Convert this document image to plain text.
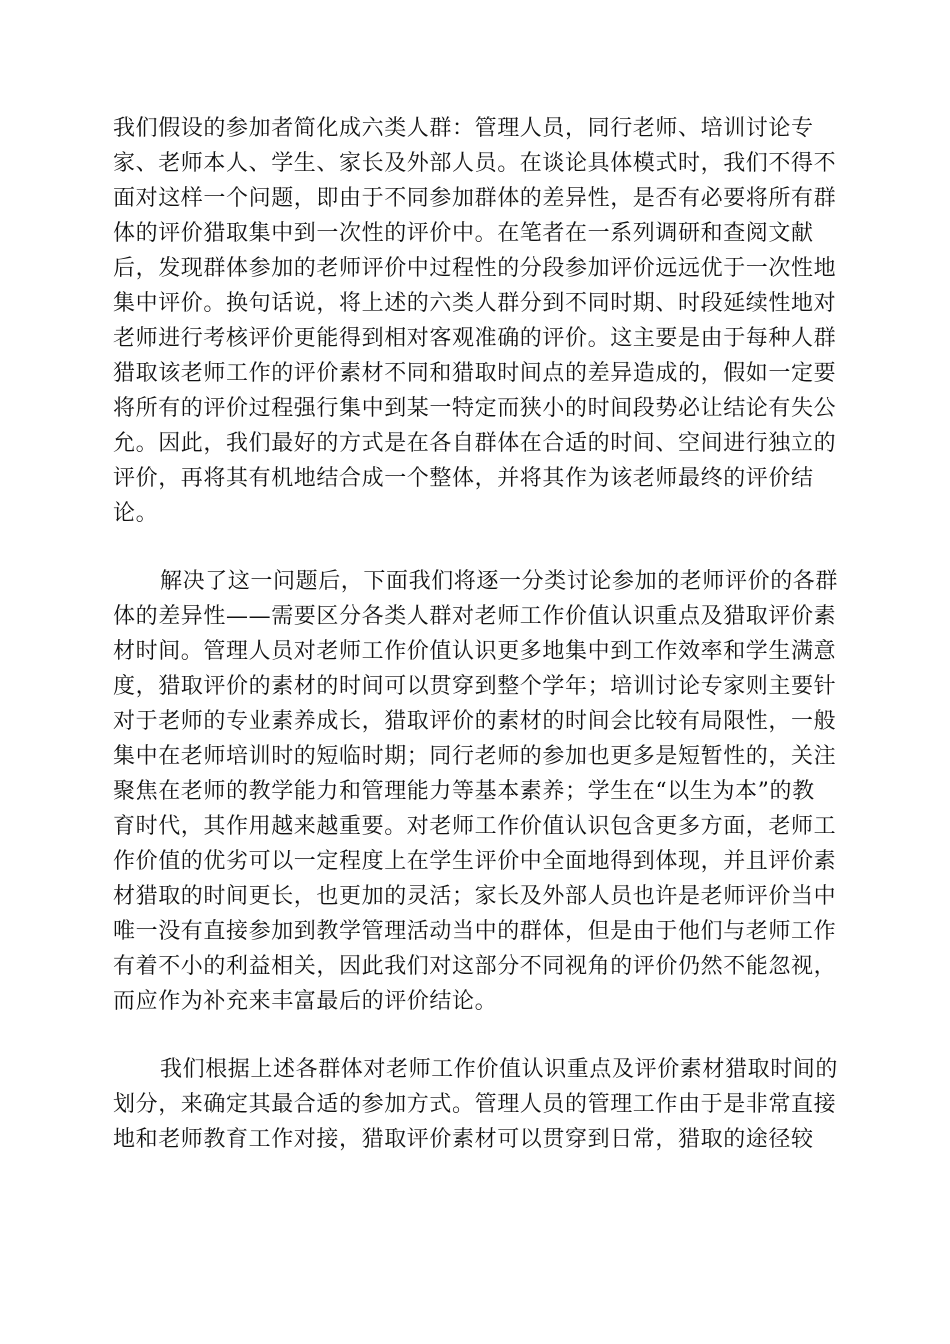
我们假设的参加者简化成六类人群：管理人员，同行老师、培训讨论专
家、老师本人、学生、家长及外部人员。在谈论具体模式时，我们不得不
面对这样一个问题，即由于不同参加群体的差异性，是否有必要将所有群
体的评价猎取集中到一次性的评价中。在笔者在一系列调研和查阅文献
后，发现群体参加的老师评价中过程性的分段参加评价远远优于一次性地
集中评价。换句话说，将上述的六类人群分到不同时期、时段延续性地对
老师进行考核评价更能得到相对客观准确的评价。这主要是由于每种人群
猎取该老师工作的评价素材不同和猎取时间点的差异造成的，假如一定要
将所有的评价过程强行集中到某一特定而狭小的时间段势必让结论有失公
允。因此，我们最好的方式是在各自群体在合适的时间、空间进行独立的
评价，再将其有机地结合成一个整体，并将其作为该老师最终的评价结
论。
解决了这一问题后，下面我们将逐一分类讨论参加的老师评价的各群
体的差异性——需要区分各类人群对老师工作价值认识重点及猎取评价素
材时间。管理人员对老师工作价值认识更多地集中到工作效率和学生满意
度，猎取评价的素材的时间可以贯穿到整个学年；培训讨论专家则主要针
对于老师的专业素养成长，猎取评价的素材的时间会比较有局限性，一般
集中在老师培训时的短临时期；同行老师的参加也更多是短暂性的，关注
聚焦在老师的教学能力和管理能力等基本素养；学生在“以生为本”的教
育时代，其作用越来越重要。对老师工作价值认识包含更多方面，老师工
作价值的优劣可以一定程度上在学生评价中全面地得到体现，并且评价素
材猎取的时间更长，也更加的灵活；家长及外部人员也许是老师评价当中
唯一没有直接参加到教学管理活动当中的群体，但是由于他们与老师工作
有着不小的利益相关，因此我们对这部分不同视角的评价仍然不能忽视，
而应作为补充来丰富最后的评价结论。
我们根据上述各群体对老师工作价值认识重点及评价素材猎取时间的
划分，来确定其最合适的参加方式。管理人员的管理工作由于是非常直接
地和老师教育工作对接，猎取评价素材可以贯穿到日常，猎取的途径较
